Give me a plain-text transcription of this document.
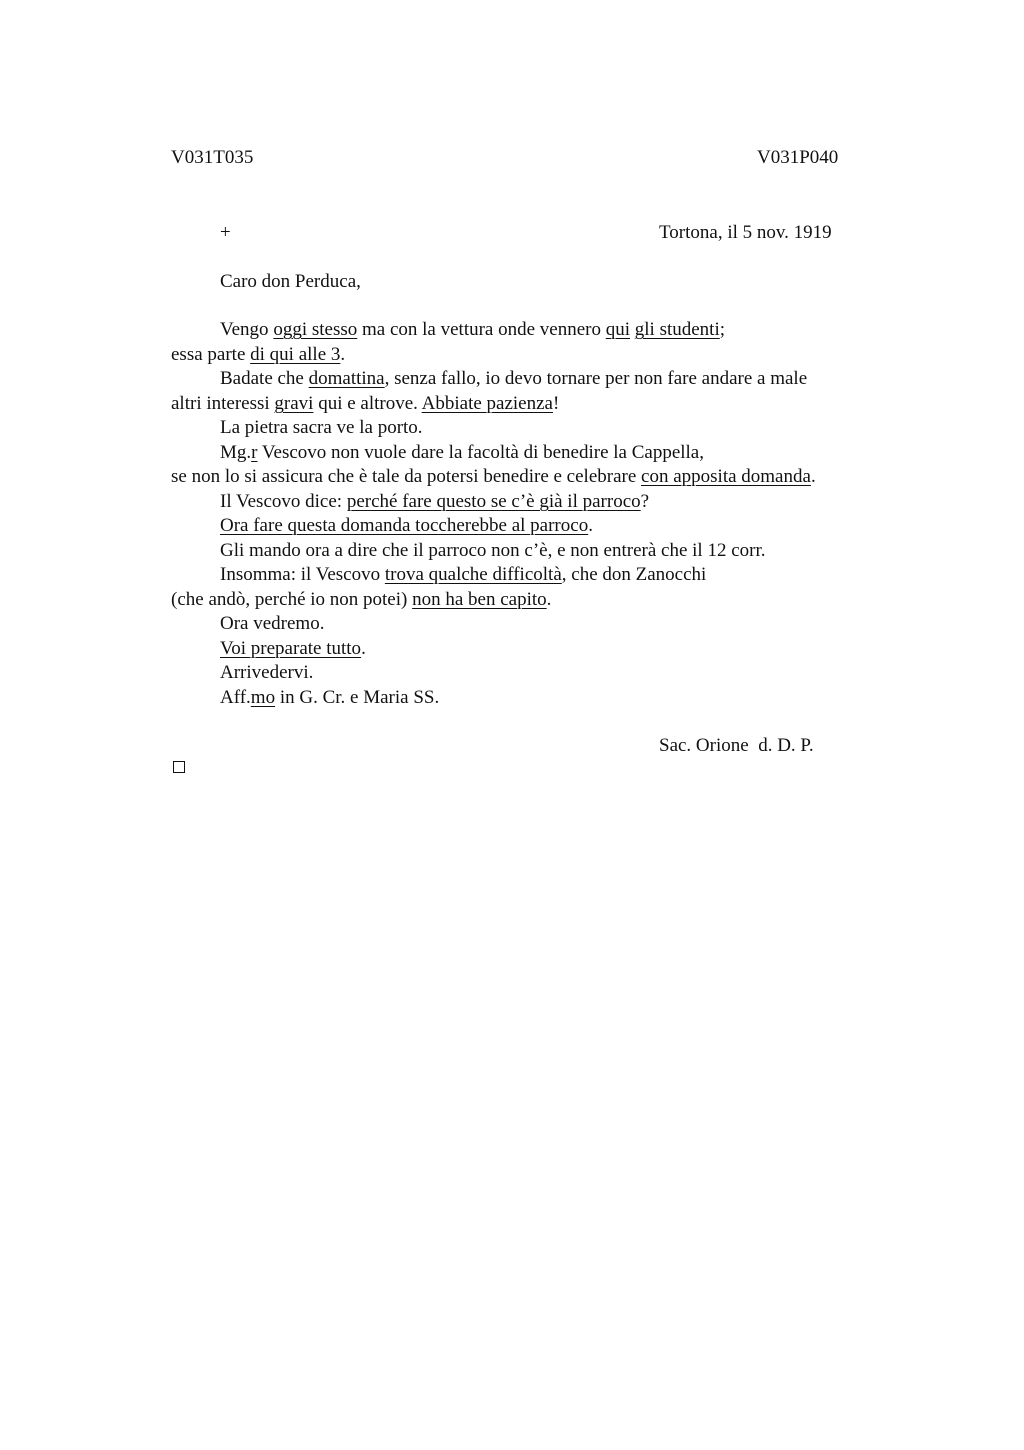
V031T035	V031P040
+	Tortona, il 5 nov. 1919
Caro don Perduca,
Vengo oggi stesso ma con la vettura onde vennero qui gli studenti;
essa parte di qui alle 3.
Badate che domattina, senza fallo, io devo tornare per non fare andare a male
altri interessi gravi qui e altrove. Abbiate pazienza!
La pietra sacra ve la porto.
Mg.r Vescovo non vuole dare la facoltà di benedire la Cappella,
se non lo si assicura che è tale da potersi benedire e celebrare con apposita domanda.
Il Vescovo dice: perché fare questo se c’è già il parroco?
Ora fare questa domanda toccherebbe al parroco.
Gli mando ora a dire che il parroco non c’è, e non entrerà che il 12 corr.
Insomma: il Vescovo trova qualche difficoltà, che don Zanocchi
(che andò, perché io non potei) non ha ben capito.
Ora vedremo.
Voi preparate tutto.
Arrivedervi.
Aff.mo in G. Cr. e Maria SS.
Sac. Orione  d. D. P.
